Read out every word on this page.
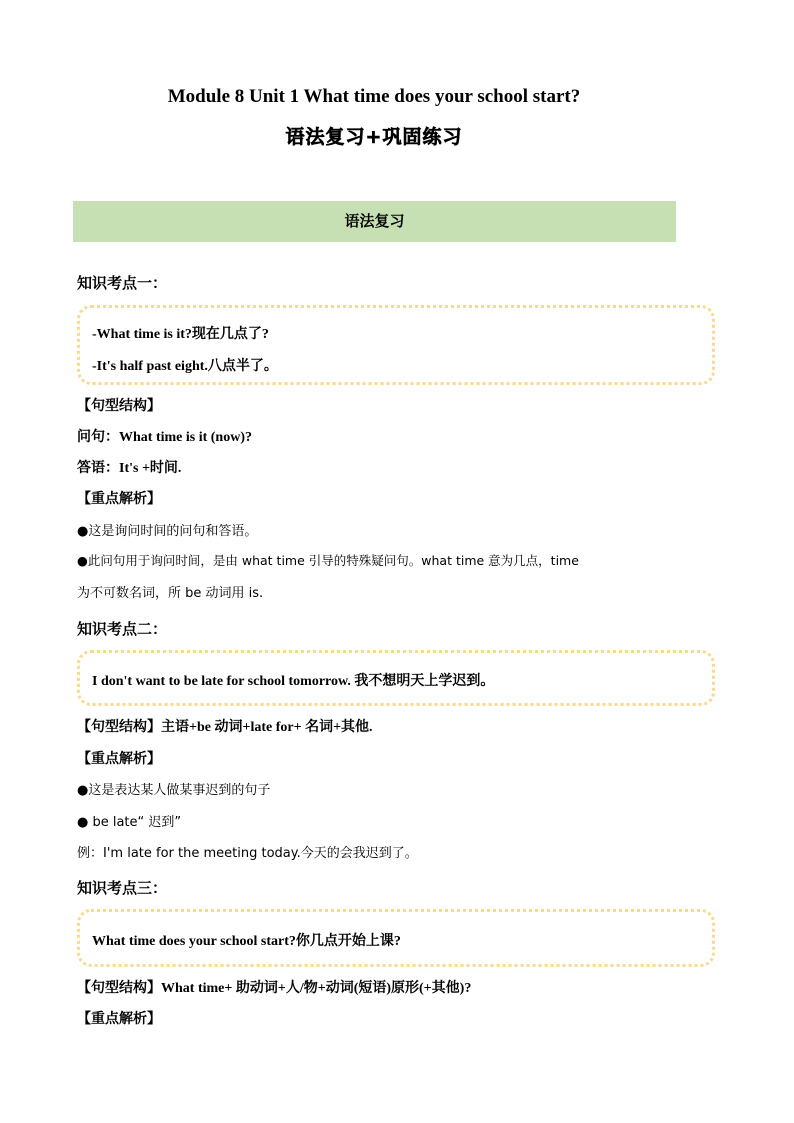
Module 8 Unit 1 What time does your school start?
语法复习+巩固练习
语法复习
知识考点一：
-What time is it?现在几点了?
-It's half past eight.八点半了。
【句型结构】
问句：What time is it (now)?
答语：It's +时间.
【重点解析】
●这是询问时间的问句和答语。
●此问句用于询问时间，是由 what time 引导的特殊疑问句。what time 意为几点，time
为不可数名词，所 be 动词用 is.
知识考点二：
I don't want to be late for school tomorrow. 我不想明天上学迟到。
【句型结构】主语+be 动词+late for+ 名词+其他.
【重点解析】
●这是表达某人做某事迟到的句子
● be late“ 迟到”
例：I'm late for the meeting today.今天的会我迟到了。
知识考点三：
What time does your school start?你几点开始上课?
【句型结构】What time+ 助动词+人/物+动词(短语)原形(+其他)?
【重点解析】
